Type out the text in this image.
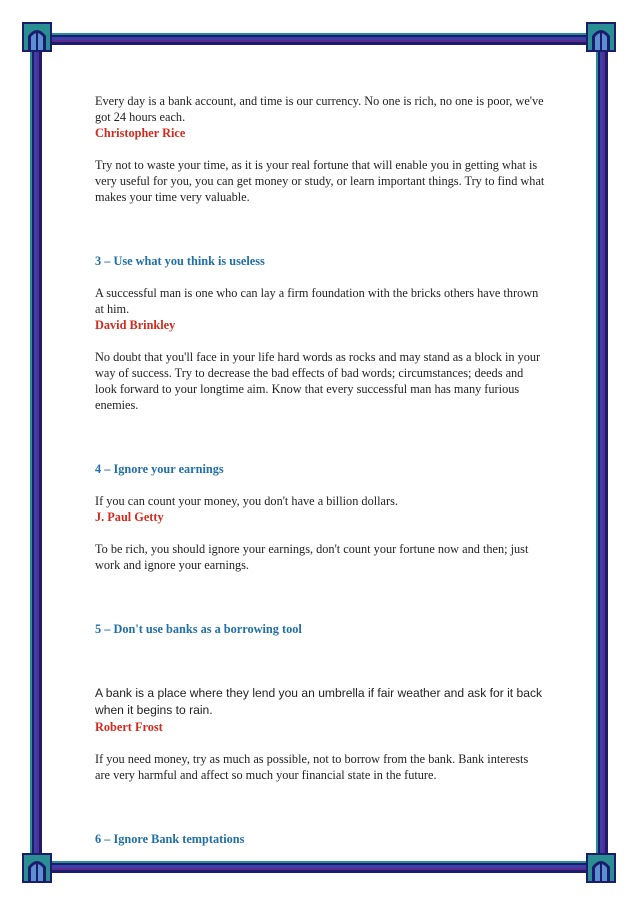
Every day is a bank account, and time is our currency. No one is rich, no one is poor, we've got 24 hours each.

Christopher Rice

Try not to waste your time, as it is your real fortune that will enable you in getting what is very useful for you, you can get money or study, or learn important things. Try to find what makes your time very valuable.

3 – Use what you think is useless

A successful man is one who can lay a firm foundation with the bricks others have thrown at him.

David Brinkley

No doubt that you'll face in your life hard words as rocks and may stand as a block in your way of success. Try to decrease the bad effects of bad words; circumstances; deeds and look forward to your longtime aim. Know that every successful man has many furious enemies.

4 – Ignore your earnings

If you can count your money, you don't have a billion dollars.

J. Paul Getty

To be rich, you should ignore your earnings, don't count your fortune now and then; just work and ignore your earnings.

5 – Don't use banks as a borrowing tool

A bank is a place where they lend you an umbrella if fair weather and ask for it back when it begins to rain.

Robert Frost

If you need money, try as much as possible, not to borrow from the bank. Bank interests are very harmful and affect so much your financial state in the future.

6 – Ignore Bank temptations
